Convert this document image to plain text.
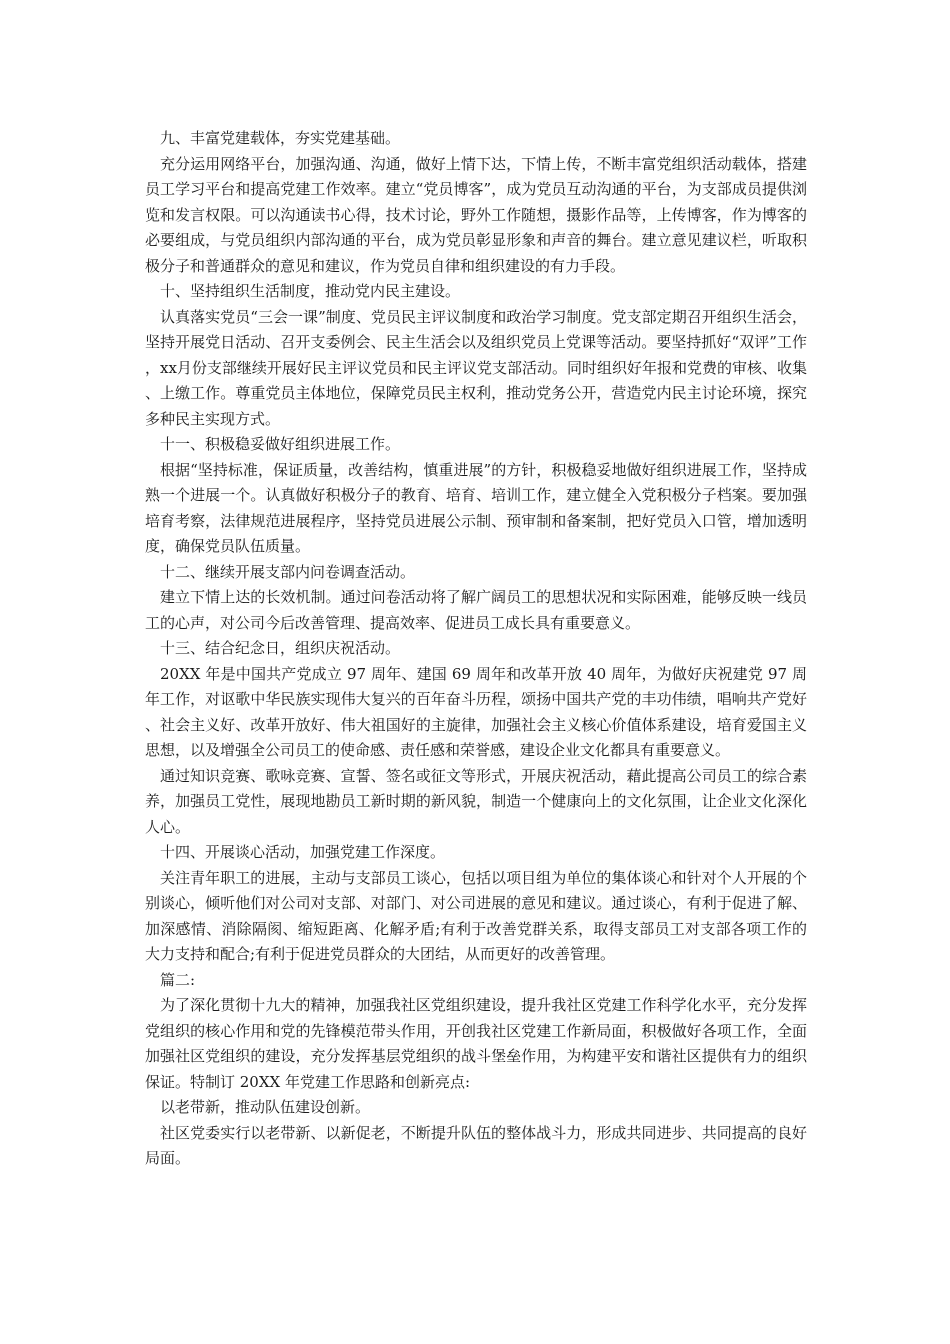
九、丰富党建载体，夯实党建基础。

充分运用网络平台，加强沟通、沟通，做好上情下达，下情上传，不断丰富党组织活动载体，搭建员工学习平台和提高党建工作效率。建立“党员博客”，成为党员互动沟通的平台，为支部成员提供浏览和发言权限。可以沟通读书心得，技术讨论，野外工作随想，摄影作品等，上传博客，作为博客的必要组成，与党员组织内部沟通的平台，成为党员彰显形象和声音的舞台。建立意见建议栏，听取积极分子和普通群众的意见和建议，作为党员自律和组织建设的有力手段。

十、坚持组织生活制度，推动党内民主建设。

认真落实党员“三会一课”制度、党员民主评议制度和政治学习制度。党支部定期召开组织生活会，坚持开展党日活动、召开支委例会、民主生活会以及组织党员上党课等活动。要坚持抓好“双评”工作，xx月份支部继续开展好民主评议党员和民主评议党支部活动。同时组织好年报和党费的审核、收集、上缴工作。尊重党员主体地位，保障党员民主权利，推动党务公开，营造党内民主讨论环境，探究多种民主实现方式。

十一、积极稳妥做好组织进展工作。

根据“坚持标准，保证质量，改善结构，慎重进展”的方针，积极稳妥地做好组织进展工作，坚持成熟一个进展一个。认真做好积极分子的教育、培育、培训工作，建立健全入党积极分子档案。要加强培育考察，法律规范进展程序，坚持党员进展公示制、预审制和备案制，把好党员入口管，增加透明度，确保党员队伍质量。

十二、继续开展支部内问卷调查活动。

建立下情上达的长效机制。通过问卷活动将了解广阔员工的思想状况和实际困难，能够反映一线员工的心声，对公司今后改善管理、提高效率、促进员工成长具有重要意义。

十三、结合纪念日，组织庆祝活动。

20XX 年是中国共产党成立 97 周年、建国 69 周年和改革开放 40 周年，为做好庆祝建党 97 周年工作，对讴歌中华民族实现伟大复兴的百年奋斗历程，颂扬中国共产党的丰功伟绩，唱响共产党好、社会主义好、改革开放好、伟大祖国好的主旋律，加强社会主义核心价值体系建设，培育爱国主义思想，以及增强全公司员工的使命感、责任感和荣誉感，建设企业文化都具有重要意义。

通过知识竞赛、歌咏竞赛、宣誓、签名或征文等形式，开展庆祝活动，藉此提高公司员工的综合素养，加强员工党性，展现地勘员工新时期的新风貌，制造一个健康向上的文化氛围，让企业文化深化人心。

十四、开展谈心活动，加强党建工作深度。

关注青年职工的进展，主动与支部员工谈心，包括以项目组为单位的集体谈心和针对个人开展的个别谈心，倾听他们对公司对支部、对部门、对公司进展的意见和建议。通过谈心，有利于促进了解、加深感情、消除隔阂、缩短距离、化解矛盾;有利于改善党群关系，取得支部员工对支部各项工作的大力支持和配合;有利于促进党员群众的大团结，从而更好的改善管理。

篇二:

为了深化贯彻十九大的精神，加强我社区党组织建设，提升我社区党建工作科学化水平，充分发挥党组织的核心作用和党的先锋模范带头作用，开创我社区党建工作新局面，积极做好各项工作，全面加强社区党组织的建设，充分发挥基层党组织的战斗堡垒作用，为构建平安和谐社区提供有力的组织保证。特制订 20XX 年党建工作思路和创新亮点:

以老带新，推动队伍建设创新。

社区党委实行以老带新、以新促老，不断提升队伍的整体战斗力，形成共同进步、共同提高的良好局面。
